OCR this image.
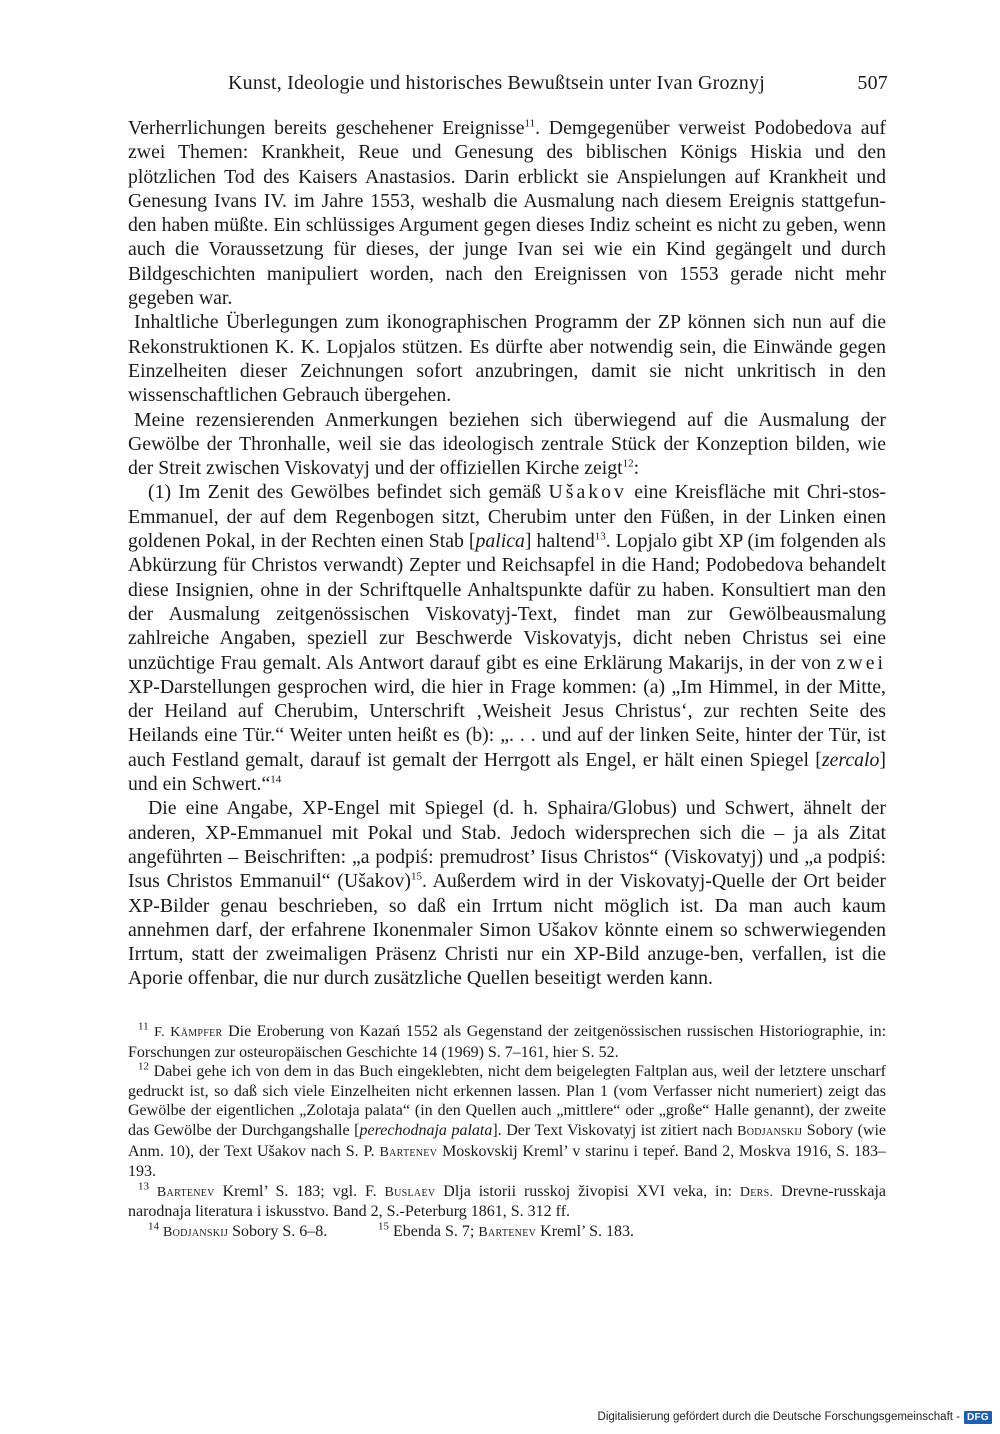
Kunst, Ideologie und historisches Bewußtsein unter Ivan Groznyj	507

Verherrlichungen bereits geschehener Ereignisse$^{11}$. Demgegenüber verweist Podobedova auf zwei Themen: Krankheit, Reue und Genesung des biblischen Königs Hiskia und den plötzlichen Tod des Kaisers Anastasios. Darin erblickt sie Anspielungen auf Krankheit und Genesung Ivans IV. im Jahre 1553, weshalb die Ausmalung nach diesem Ereignis stattgefun-den haben müßte. Ein schlüssiges Argument gegen dieses Indiz scheint es nicht zu geben, wenn auch die Voraussetzung für dieses, der junge Ivan sei wie ein Kind gegängelt und durch Bildgeschichten manipuliert worden, nach den Ereignissen von 1553 gerade nicht mehr gegeben war.

Inhaltliche Überlegungen zum ikonographischen Programm der ZP können sich nun auf die Rekonstruktionen K. K. Lopjalos stützen. Es dürfte aber notwendig sein, die Einwände gegen Einzelheiten dieser Zeichnungen sofort anzubringen, damit sie nicht unkritisch in den wissenschaftlichen Gebrauch übergehen.

Meine rezensierenden Anmerkungen beziehen sich überwiegend auf die Ausmalung der Gewölbe der Thronhalle, weil sie das ideologisch zentrale Stück der Konzeption bilden, wie der Streit zwischen Viskovatyj und der offiziellen Kirche zeigt$^{12}$:

(1) Im Zenit des Gewölbes befindet sich gemäß Ušakov eine Kreisfläche mit Chri-stos-Emmanuel, der auf dem Regenbogen sitzt, Cherubim unter den Füßen, in der Linken einen goldenen Pokal, in der Rechten einen Stab [palica] haltend$^{13}$. Lopjalo gibt XP (im folgenden als Abkürzung für Christos verwandt) Zepter und Reichsapfel in die Hand; Podobedova behandelt diese Insignien, ohne in der Schriftquelle Anhaltspunkte dafür zu haben. Konsultiert man den der Ausmalung zeitgenössischen Viskovatyj-Text, findet man zur Gewölbeausmalung zahlreiche Angaben, speziell zur Beschwerde Viskovatyjs, dicht neben Christus sei eine unzüchtige Frau gemalt. Als Antwort darauf gibt es eine Erklärung Makarijs, in der von zwei XP-Darstellungen gesprochen wird, die hier in Frage kommen: (a) „Im Himmel, in der Mitte, der Heiland auf Cherubim, Unterschrift ‚Weisheit Jesus Christus‘, zur rechten Seite des Heilands eine Tür.“ Weiter unten heißt es (b): „. . . und auf der linken Seite, hinter der Tür, ist auch Festland gemalt, darauf ist gemalt der Herrgott als Engel, er hält einen Spiegel [zercalo] und ein Schwert.“$^{14}$

Die eine Angabe, XP-Engel mit Spiegel (d. h. Sphaira/Globus) und Schwert, ähnelt der anderen, XP-Emmanuel mit Pokal und Stab. Jedoch widersprechen sich die – ja als Zitat angeführten – Beischriften: „a podpiś: premudrost’ Iisus Christos“ (Viskovatyj) und „a podpiś: Isus Christos Emmanuil“ (Ušakov)$^{15}$. Außerdem wird in der Viskovatyj-Quelle der Ort beider XP-Bilder genau beschrieben, so daß ein Irrtum nicht möglich ist. Da man auch kaum annehmen darf, der erfahrene Ikonenmaler Simon Ušakov könnte einem so schwerwiegenden Irrtum, statt der zweimaligen Präsenz Christi nur ein XP-Bild anzuge-ben, verfallen, ist die Aporie offenbar, die nur durch zusätzliche Quellen beseitigt werden kann.

$^{11}$ F. Kämpfer Die Eroberung von Kazań 1552 als Gegenstand der zeitgenössischen russischen Historiographie, in: Forschungen zur osteuropäischen Geschichte 14 (1969) S. 7–161, hier S. 52.

$^{12}$ Dabei gehe ich von dem in das Buch eingeklebten, nicht dem beigelegten Faltplan aus, weil der letztere unscharf gedruckt ist, so daß sich viele Einzelheiten nicht erkennen lassen. Plan 1 (vom Verfasser nicht numeriert) zeigt das Gewölbe der eigentlichen „Zolotaja palata“ (in den Quellen auch „mittlere“ oder „große“ Halle genannt), der zweite das Gewölbe der Durchgangshalle [perechodnaja palata]. Der Text Viskovatyj ist zitiert nach Bodjanskij Sobory (wie Anm. 10), der Text Ušakov nach S. P. Bartenev Moskovskij Kreml’ v starinu i tepeŕ. Band 2, Moskva 1916, S. 183–193.

$^{13}$ Bartenev Kreml’ S. 183; vgl. F. Buslaev Dlja istorii russkoj živopisi XVI veka, in: Ders. Drevne-russkaja narodnaja literatura i iskusstvo. Band 2, S.-Peterburg 1861, S. 312 ff.

$^{14}$ Bodjanskij Sobory S. 6–8.	$^{15}$ Ebenda S. 7; Bartenev Kreml’ S. 183.

Digitalisierung gefördert durch die Deutsche Forschungsgemeinschaft - DFG
